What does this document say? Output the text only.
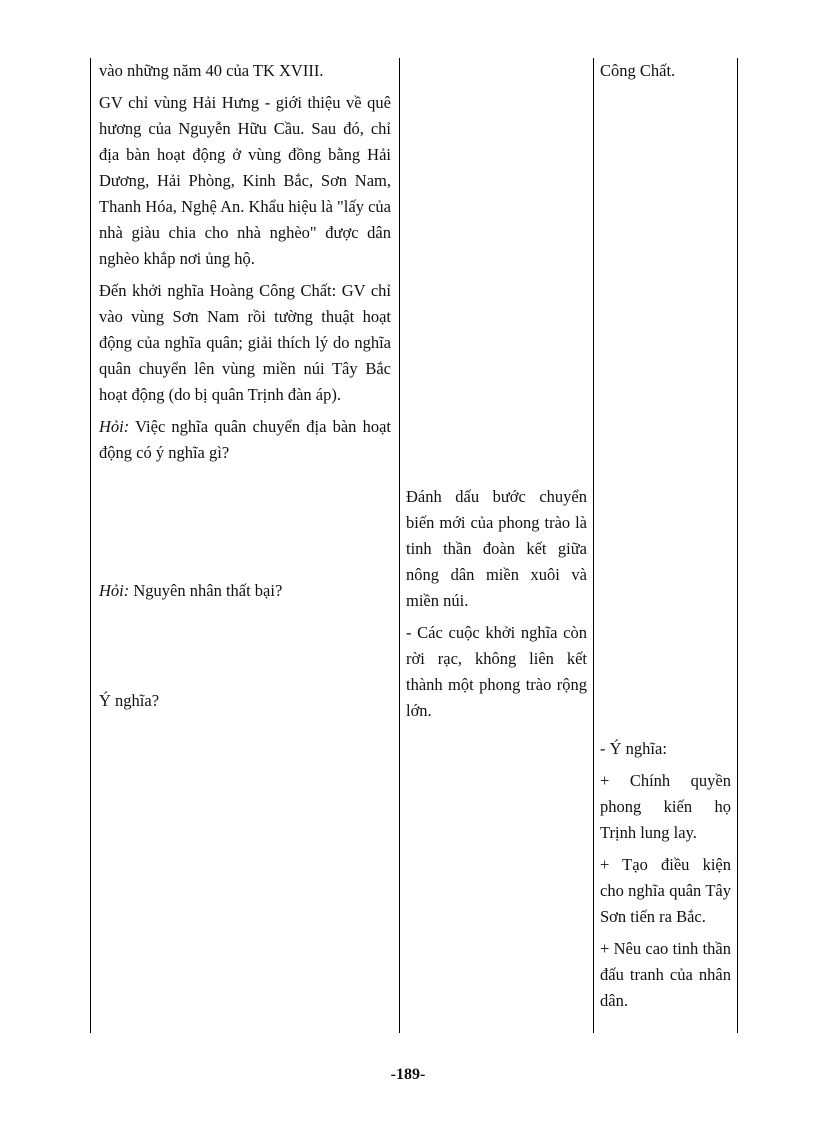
vào những năm 40 của TK XVIII.

GV chỉ vùng Hải Hưng - giới thiệu về quê hương của Nguyễn Hữu Cầu. Sau đó, chỉ địa bàn hoạt động ở vùng đồng bằng Hải Dương, Hải Phòng, Kinh Bắc, Sơn Nam, Thanh Hóa, Nghệ An. Khẩu hiệu là "lấy của nhà giàu chia cho nhà nghèo" được dân nghèo khắp nơi ủng hộ.

Đến khởi nghĩa Hoàng Công Chất: GV chỉ vào vùng Sơn Nam rồi tường thuật hoạt động của nghĩa quân; giải thích lý do nghĩa quân chuyển lên vùng miền núi Tây Bắc hoạt động (do bị quân Trịnh đàn áp).

Hỏi: Việc nghĩa quân chuyển địa bàn hoạt động có ý nghĩa gì?

Hỏi: Nguyên nhân thất bại?

Ý nghĩa?

Đánh dấu bước chuyển biến mới của phong trào là tinh thần đoàn kết giữa nông dân miền xuôi và miền núi.

- Các cuộc khởi nghĩa còn rời rạc, không liên kết thành một phong trào rộng lớn.

Công Chất.

- Ý nghĩa:

+ Chính quyền phong kiến họ Trịnh lung lay.

+ Tạo điều kiện cho nghĩa quân Tây Sơn tiến ra Bắc.

+ Nêu cao tinh thần đấu tranh của nhân dân.

-189-
